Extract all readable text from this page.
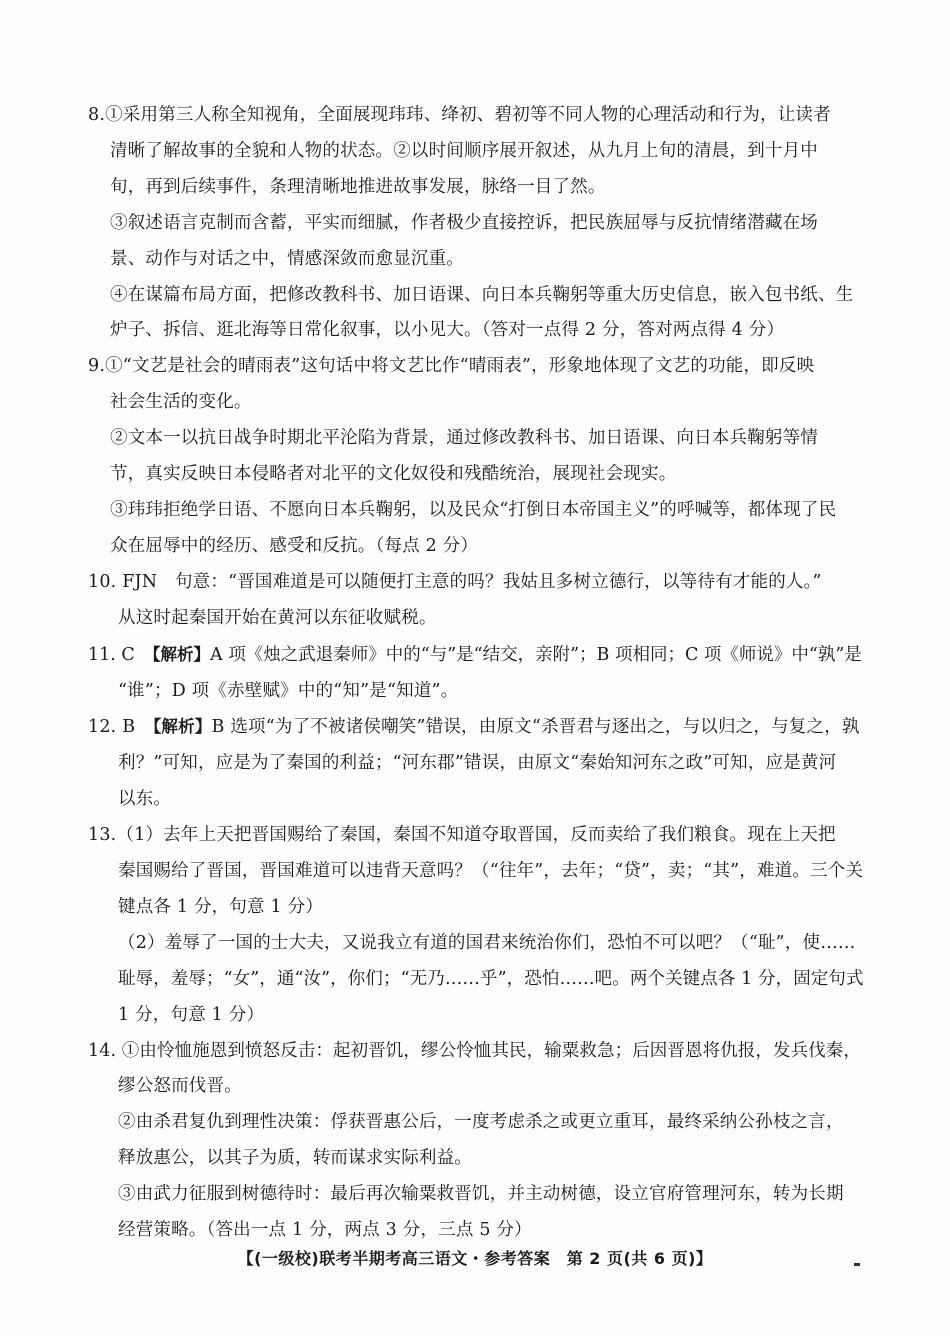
8.①采用第三人称全知视角，全面展现玮玮、绛初、碧初等不同人物的心理活动和行为，让读者
清晰了解故事的全貌和人物的状态。②以时间顺序展开叙述，从九月上旬的清晨，到十月中
旬，再到后续事件，条理清晰地推进故事发展，脉络一目了然。
③叙述语言克制而含蓄，平实而细腻，作者极少直接控诉，把民族屈辱与反抗情绪潜藏在场
景、动作与对话之中，情感深敛而愈显沉重。
④在谋篇布局方面，把修改教科书、加日语课、向日本兵鞠躬等重大历史信息，嵌入包书纸、生
炉子、拆信、逛北海等日常化叙事，以小见大。（答对一点得 2 分，答对两点得 4 分）
9.①“文艺是社会的晴雨表”这句话中将文艺比作“晴雨表”，形象地体现了文艺的功能，即反映
社会生活的变化。
②文本一以抗日战争时期北平沦陷为背景，通过修改教科书、加日语课、向日本兵鞠躬等情
节，真实反映日本侵略者对北平的文化奴役和残酷统治，展现社会现实。
③玮玮拒绝学日语、不愿向日本兵鞠躬，以及民众“打倒日本帝国主义”的呼喊等，都体现了民
众在屈辱中的经历、感受和反抗。（每点 2 分）
10. FJN　句意：“晋国难道是可以随便打主意的吗？我姑且多树立德行，以等待有才能的人。”
从这时起秦国开始在黄河以东征收赋税。
11. C　【解析】A 项《烛之武退秦师》中的“与”是“结交，亲附”；B 项相同；C 项《师说》中“孰”是
“谁”；D 项《赤壁赋》中的“知”是“知道”。
12. B　【解析】B 选项“为了不被诸侯嘲笑”错误，由原文“杀晋君与逐出之，与以归之，与复之，孰
利？”可知，应是为了秦国的利益；“河东郡”错误，由原文“秦始知河东之政”可知，应是黄河
以东。
13.（1）去年上天把晋国赐给了秦国，秦国不知道夺取晋国，反而卖给了我们粮食。现在上天把
秦国赐给了晋国，晋国难道可以违背天意吗？（“往年”，去年；“贷”，卖；“其”，难道。三个关
键点各 1 分，句意 1 分）
（2）羞辱了一国的士大夫，又说我立有道的国君来统治你们，恐怕不可以吧？（“耻”，使……
耻辱，羞辱；“女”，通“汝”，你们；“无乃……乎”，恐怕……吧。两个关键点各 1 分，固定句式
1 分，句意 1 分）
14. ①由怜恤施恩到愤怒反击：起初晋饥，缪公怜恤其民，输粟救急；后因晋恩将仇报，发兵伐秦，
缪公怒而伐晋。
②由杀君复仇到理性决策：俘获晋惠公后，一度考虑杀之或更立重耳，最终采纳公孙枝之言，
释放惠公，以其子为质，转而谋求实际利益。
③由武力征服到树德待时：最后再次输粟救晋饥，并主动树德，设立官府管理河东，转为长期
经营策略。（答出一点 1 分，两点 3 分，三点 5 分）
【(一级校)联考半期考高三语文・参考答案　第 2 页(共 6 页)】
